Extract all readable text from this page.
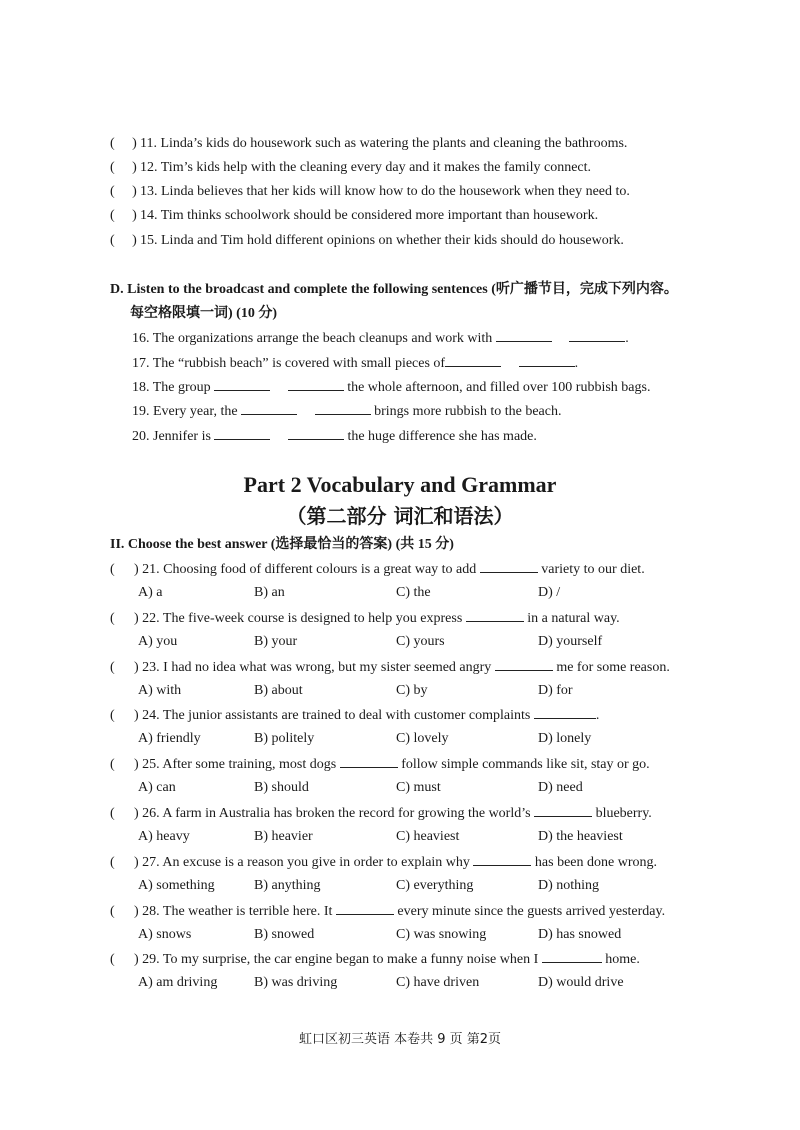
(     ) 11. Linda’s kids do housework such as watering the plants and cleaning the bathrooms.
(     ) 12. Tim’s kids help with the cleaning every day and it makes the family connect.
(     ) 13. Linda believes that her kids will know how to do the housework when they need to.
(     ) 14. Tim thinks schoolwork should be considered more important than housework.
(     ) 15. Linda and Tim hold different opinions on whether their kids should do housework.
D. Listen to the broadcast and complete the following sentences (听广播节目，完成下列内容。
每空格限填一词) (10 分)
16. The organizations arrange the beach cleanups and work with	.
17. The “rubbish beach” is covered with small pieces of	.
18. The group	the whole afternoon, and filled over 100 rubbish bags.
19. Every year, the	brings more rubbish to the beach.
20. Jennifer is	the huge difference she has made.
Part 2 Vocabulary and Grammar
（第二部分 词汇和语法）
II. Choose the best answer (选择最恰当的答案) (共 15 分)
( ) 21. Choosing food of different colours is a great way to add	variety to our diet.
A) a	B) an	C) the	D) /
( ) 22. The five-week course is designed to help you express	in a natural way.
A) you	B) your	C) yours	D) yourself
( ) 23. I had no idea what was wrong, but my sister seemed angry	me for some reason.
A) with	B) about	C) by	D) for
( ) 24. The junior assistants are trained to deal with customer complaints	.
A) friendly	B) politely	C) lovely	D) lonely
( ) 25. After some training, most dogs	follow simple commands like sit, stay or go.
A) can	B) should	C) must	D) need
( ) 26. A farm in Australia has broken the record for growing the world’s	blueberry.
A) heavy	B) heavier	C) heaviest	D) the heaviest
( ) 27. An excuse is a reason you give in order to explain why	has been done wrong.
A) something	B) anything	C) everything	D) nothing
( ) 28. The weather is terrible here. It	every minute since the guests arrived yesterday.
A) snows	B) snowed	C) was snowing	D) has snowed
( ) 29. To my surprise, the car engine began to make a funny noise when I	home.
A) am driving	B) was driving	C) have driven	D) would drive
虹口区初三英语 本卷共 9 页 第2页
